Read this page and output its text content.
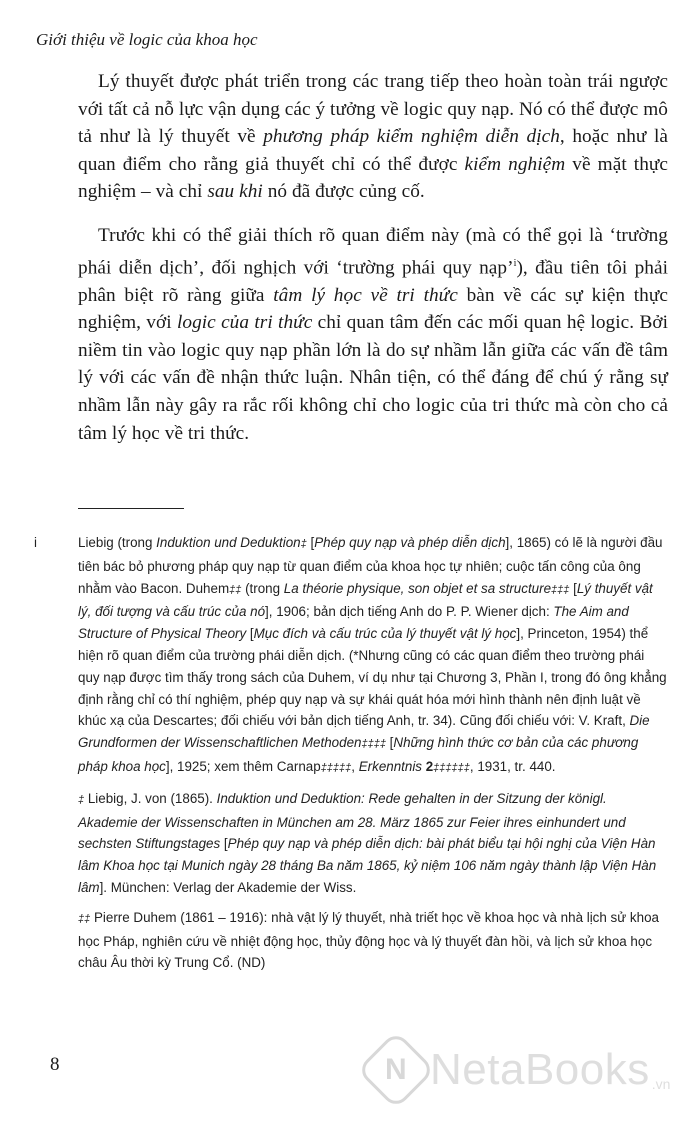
Giới thiệu về logic của khoa học

Lý thuyết được phát triển trong các trang tiếp theo hoàn toàn trái ngược với tất cả nỗ lực vận dụng các ý tưởng về logic quy nạp. Nó có thể được mô tả như là lý thuyết về phương pháp kiểm nghiệm diễn dịch, hoặc như là quan điểm cho rằng giả thuyết chỉ có thể được kiểm nghiệm về mặt thực nghiệm – và chỉ sau khi nó đã được củng cố.

Trước khi có thể giải thích rõ quan điểm này (mà có thể gọi là ‘trường phái diễn dịch’, đối nghịch với ‘trường phái quy nạp’$^i$), đầu tiên tôi phải phân biệt rõ ràng giữa tâm lý học về tri thức bàn về các sự kiện thực nghiệm, với logic của tri thức chỉ quan tâm đến các mối quan hệ logic. Bởi niềm tin vào logic quy nạp phần lớn là do sự nhầm lẫn giữa các vấn đề tâm lý với các vấn đề nhận thức luận. Nhân tiện, có thể đáng để chú ý rằng sự nhầm lẫn này gây ra rắc rối không chỉ cho logic của tri thức mà còn cho cả tâm lý học về tri thức.

i	Liebig (trong Induktion und Deduktion‡ [Phép quy nạp và phép diễn dịch], 1865) có lẽ là người đầu tiên bác bỏ phương pháp quy nạp từ quan điểm của khoa học tự nhiên; cuộc tấn công của ông nhằm vào Bacon. Duhem‡‡ (trong La théorie physique, son objet et sa structure‡‡‡ [Lý thuyết vật lý, đối tượng và cấu trúc của nó], 1906; bản dịch tiếng Anh do P. P. Wiener dịch: The Aim and Structure of Physical Theory [Mục đích và cấu trúc của lý thuyết vật lý học], Princeton, 1954) thể hiện rõ quan điểm của trường phái diễn dịch. (*Nhưng cũng có các quan điểm theo trường phái quy nạp được tìm thấy trong sách của Duhem, ví dụ như tại Chương 3, Phần I, trong đó ông khẳng định rằng chỉ có thí nghiệm, phép quy nạp và sự khái quát hóa mới hình thành nên định luật về khúc xạ của Descartes; đối chiếu với bản dịch tiếng Anh, tr. 34). Cũng đối chiếu với: V. Kraft, Die Grundformen der Wissenschaftlichen Methoden‡‡‡‡ [Những hình thức cơ bản của các phương pháp khoa học], 1925; xem thêm Carnap‡‡‡‡‡, Erkenntnis 2‡‡‡‡‡‡, 1931, tr. 440.

‡ Liebig, J. von (1865). Induktion und Deduktion: Rede gehalten in der Sitzung der königl. Akademie der Wissenschaften in München am 28. März 1865 zur Feier ihres einhundert und sechsten Stiftungstages [Phép quy nạp và phép diễn dịch: bài phát biểu tại hội nghị của Viện Hàn lâm Khoa học tại Munich ngày 28 tháng Ba năm 1865, kỷ niệm 106 năm ngày thành lập Viện Hàn lâm]. München: Verlag der Akademie der Wiss.

‡‡ Pierre Duhem (1861 – 1916): nhà vật lý lý thuyết, nhà triết học về khoa học và nhà lịch sử khoa học Pháp, nghiên cứu về nhiệt động học, thủy động học và lý thuyết đàn hồi, và lịch sử khoa học châu Âu thời kỳ Trung Cổ. (ND)

8	N NetaBooks .vn
